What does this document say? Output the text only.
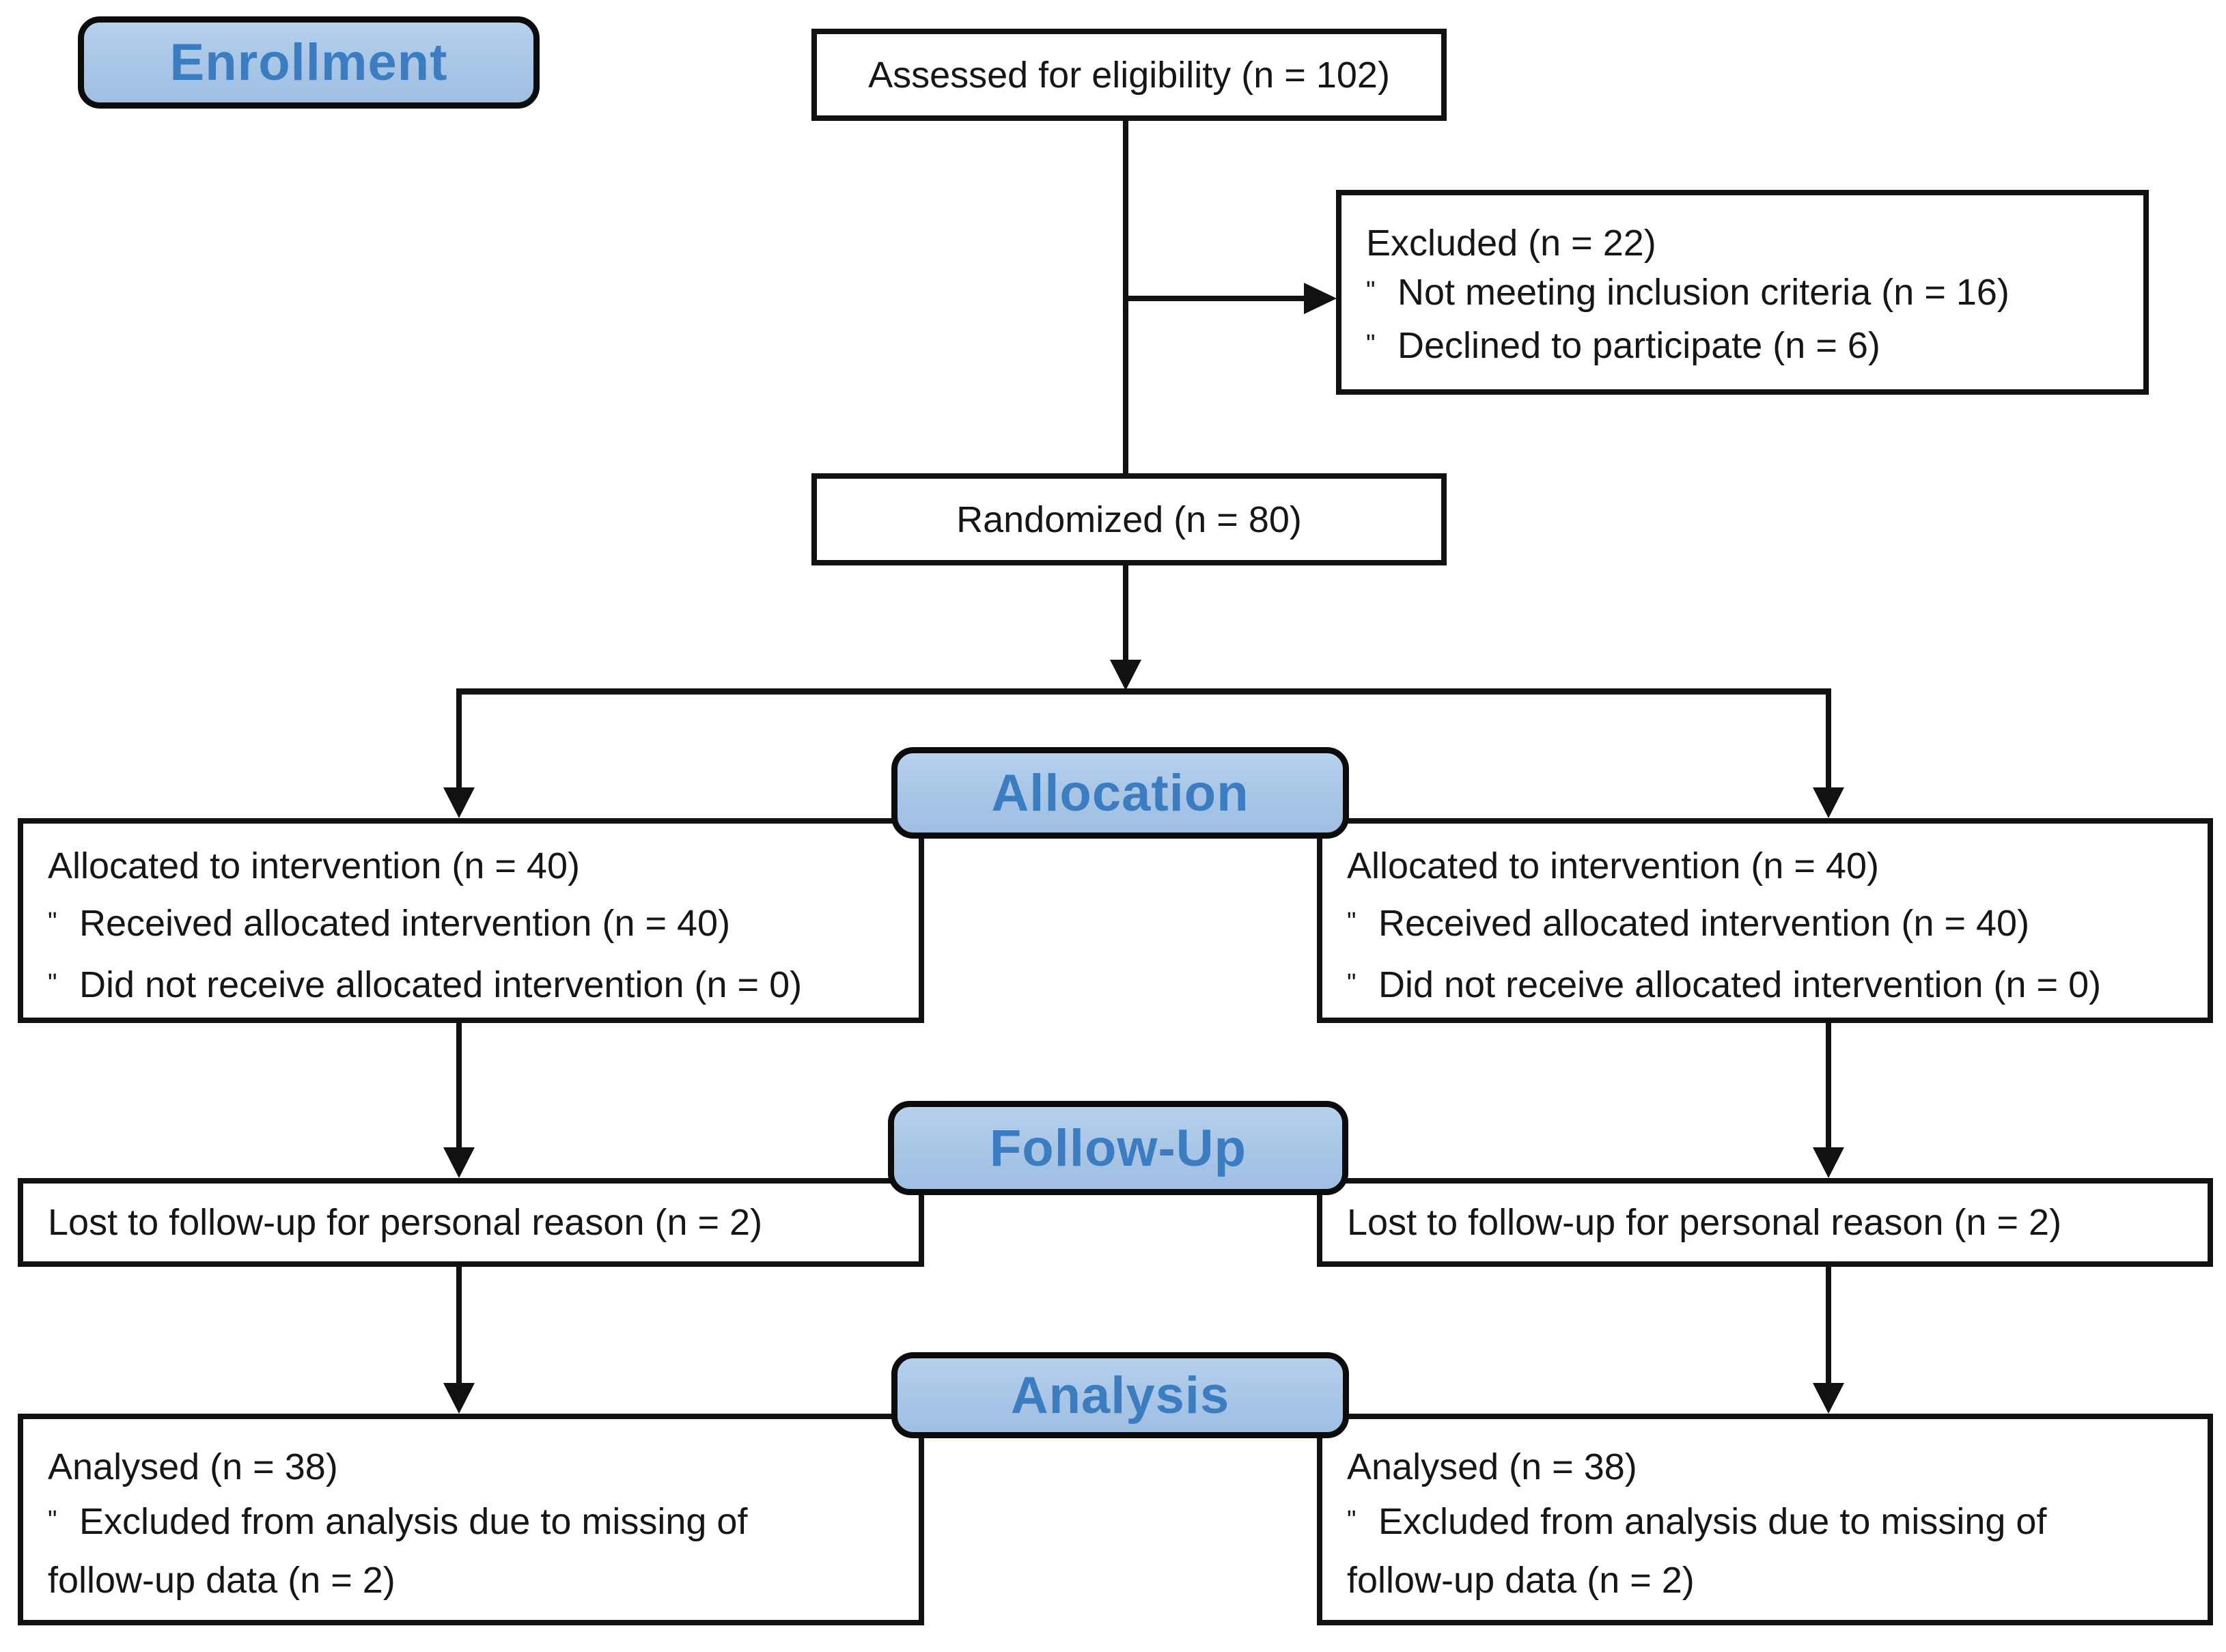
Enrollment
Allocation
Follow-Up
Analysis
Assessed for eligibility (n = 102)
Excluded (n = 22)
" Not meeting inclusion criteria (n = 16)
" Declined to participate (n = 6)
Randomized (n = 80)
Allocated to intervention (n = 40)
" Received allocated intervention (n = 40)
" Did not receive allocated intervention (n = 0)
Allocated to intervention (n = 40)
" Received allocated intervention (n = 40)
" Did not receive allocated intervention (n = 0)
Lost to follow-up for personal reason (n = 2)	Lost to follow-up for personal reason (n = 2)
Analysed (n = 38)
" Excluded from analysis due to missing of
follow-up data (n = 2)
Analysed (n = 38)
" Excluded from analysis due to missing of
follow-up data (n = 2)
